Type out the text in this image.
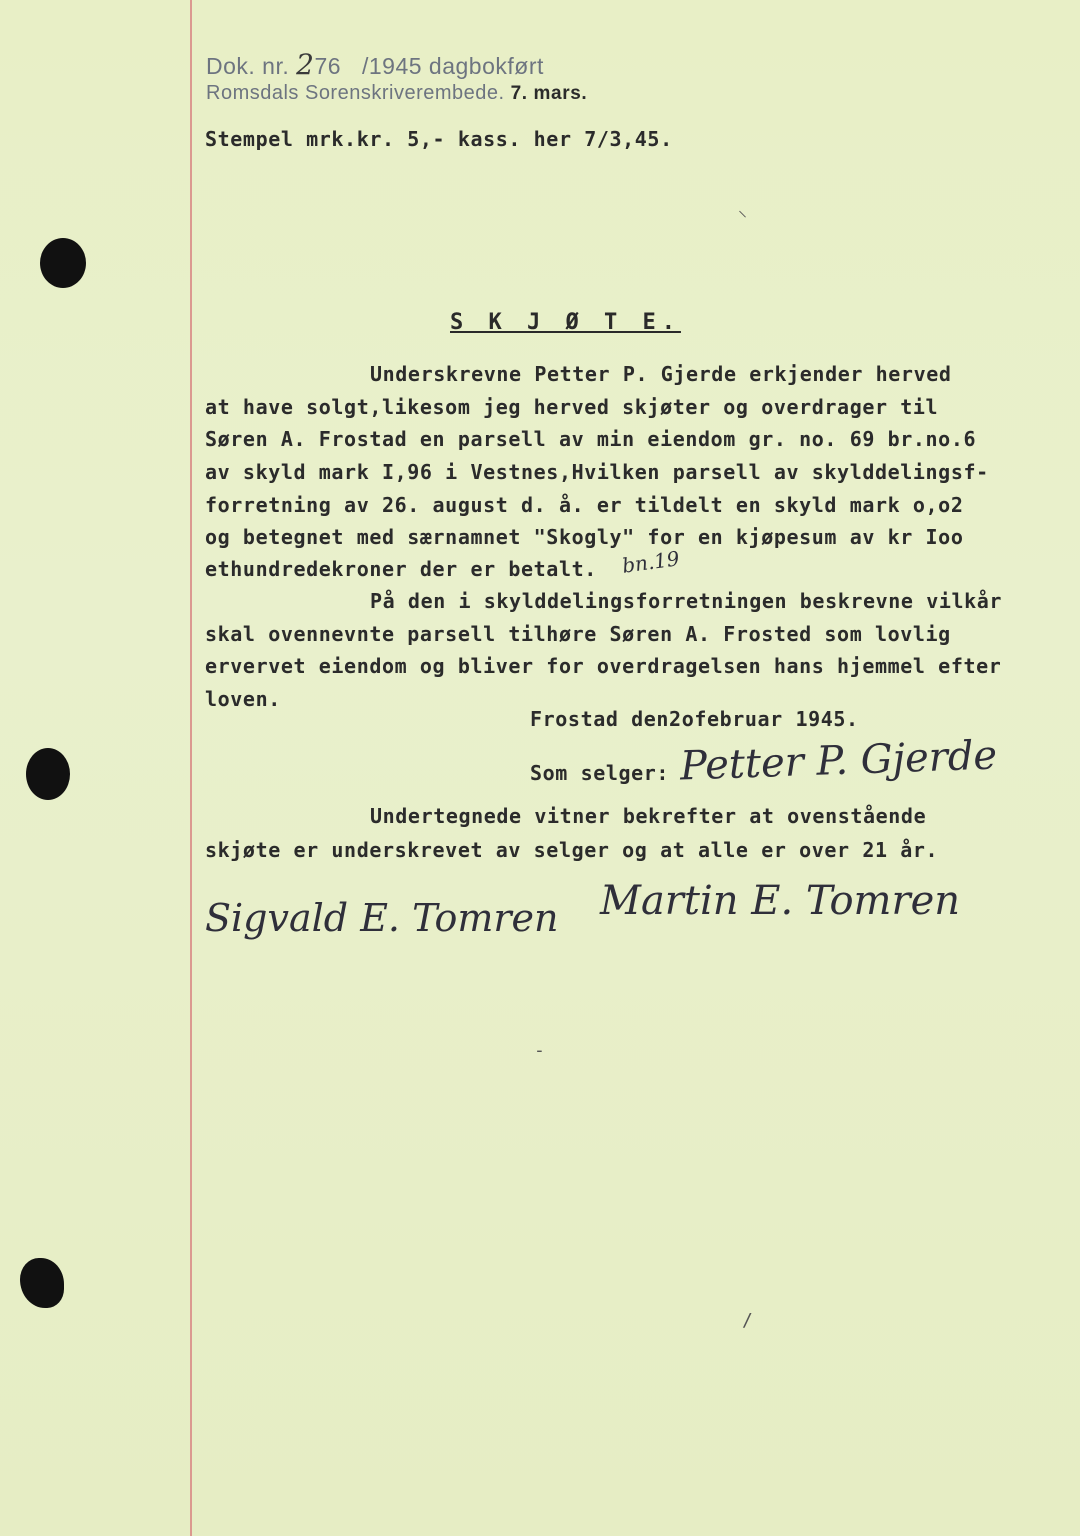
Dok. nr. 276 /1945 dagbokført
Romsdals Sorenskriverembede. 7. mars.
Stempel mrk.kr. 5,- kass. her 7/3,45.
⸜
S K J Ø T E.
Underskrevne Petter P. Gjerde erkjender herved
at have solgt,likesom jeg herved skjøter og overdrager til
Søren A. Frostad en parsell av min eiendom gr. no. 69 br.no.6
av skyld mark I,96 i Vestnes,Hvilken parsell av skylddelingsf-
forretning av 26. august d. å. er tildelt en skyld mark o,o2
og betegnet med særnamnet "Skogly" for en kjøpesum av kr Ioo
ethundredekroner der er betalt. bn.19
På den i skylddelingsforretningen beskrevne vilkår
skal ovennevnte parsell tilhøre Søren A. Frosted som lovlig
ervervet eiendom og bliver for overdragelsen hans hjemmel efter
loven.
Frostad den2ofebruar 1945.
Som selger: Petter P. Gjerde
Undertegnede vitner bekrefter at ovenstående
skjøte er underskrevet av selger og at alle er over 21 år.
Sigvald E. Tomren Martin E. Tomren
-
/
